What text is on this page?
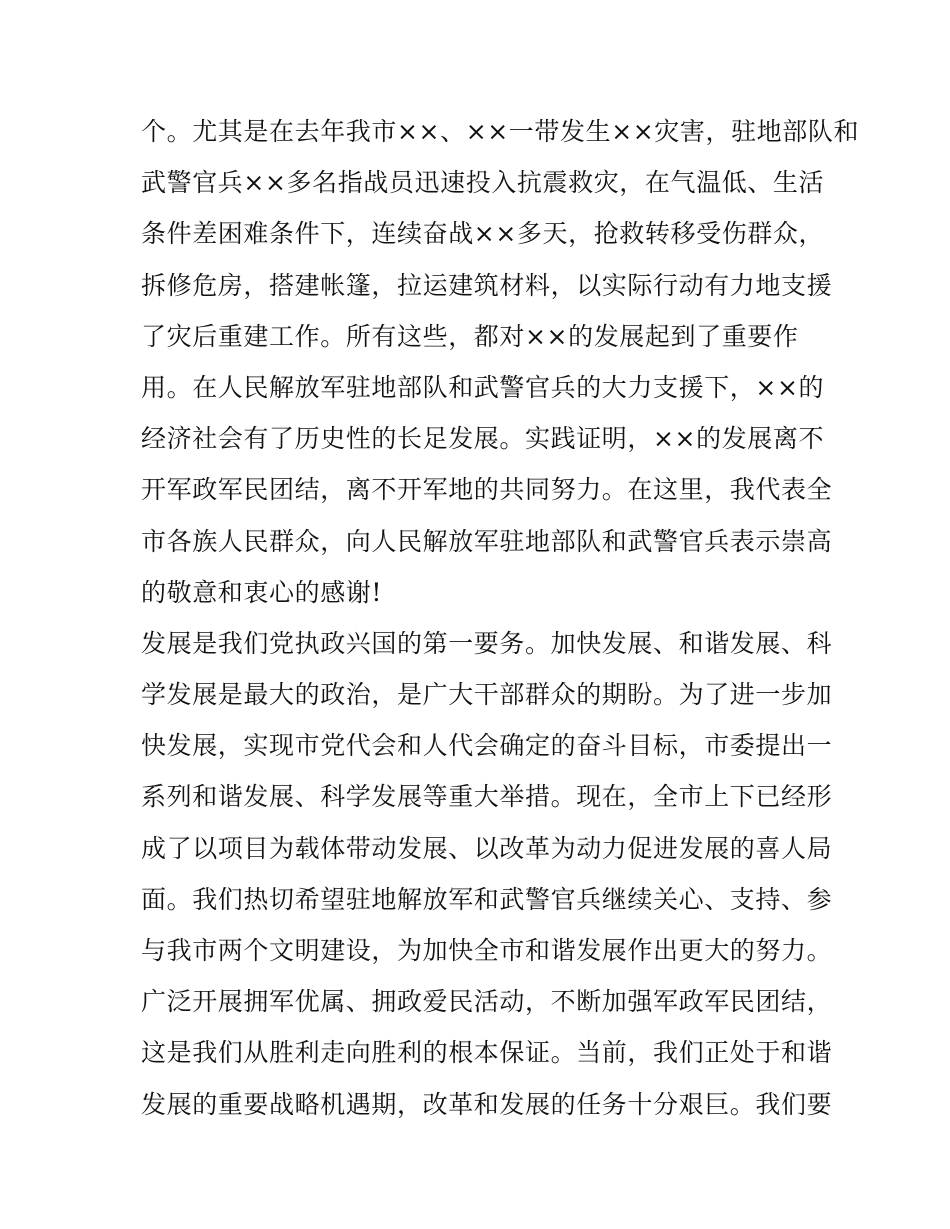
个。尤其是在去年我市××、××一带发生××灾害，驻地部队和
武警官兵××多名指战员迅速投入抗震救灾，在气温低、生活
条件差困难条件下，连续奋战××多天，抢救转移受伤群众，
拆修危房，搭建帐篷，拉运建筑材料，以实际行动有力地支援
了灾后重建工作。所有这些，都对××的发展起到了重要作
用。在人民解放军驻地部队和武警官兵的大力支援下，××的
经济社会有了历史性的长足发展。实践证明，××的发展离不
开军政军民团结，离不开军地的共同努力。在这里，我代表全
市各族人民群众，向人民解放军驻地部队和武警官兵表示崇高
的敬意和衷心的感谢!
发展是我们党执政兴国的第一要务。加快发展、和谐发展、科
学发展是最大的政治，是广大干部群众的期盼。为了进一步加
快发展，实现市党代会和人代会确定的奋斗目标，市委提出一
系列和谐发展、科学发展等重大举措。现在，全市上下已经形
成了以项目为载体带动发展、以改革为动力促进发展的喜人局
面。我们热切希望驻地解放军和武警官兵继续关心、支持、参
与我市两个文明建设，为加快全市和谐发展作出更大的努力。
广泛开展拥军优属、拥政爱民活动，不断加强军政军民团结，
这是我们从胜利走向胜利的根本保证。当前，我们正处于和谐
发展的重要战略机遇期，改革和发展的任务十分艰巨。我们要
